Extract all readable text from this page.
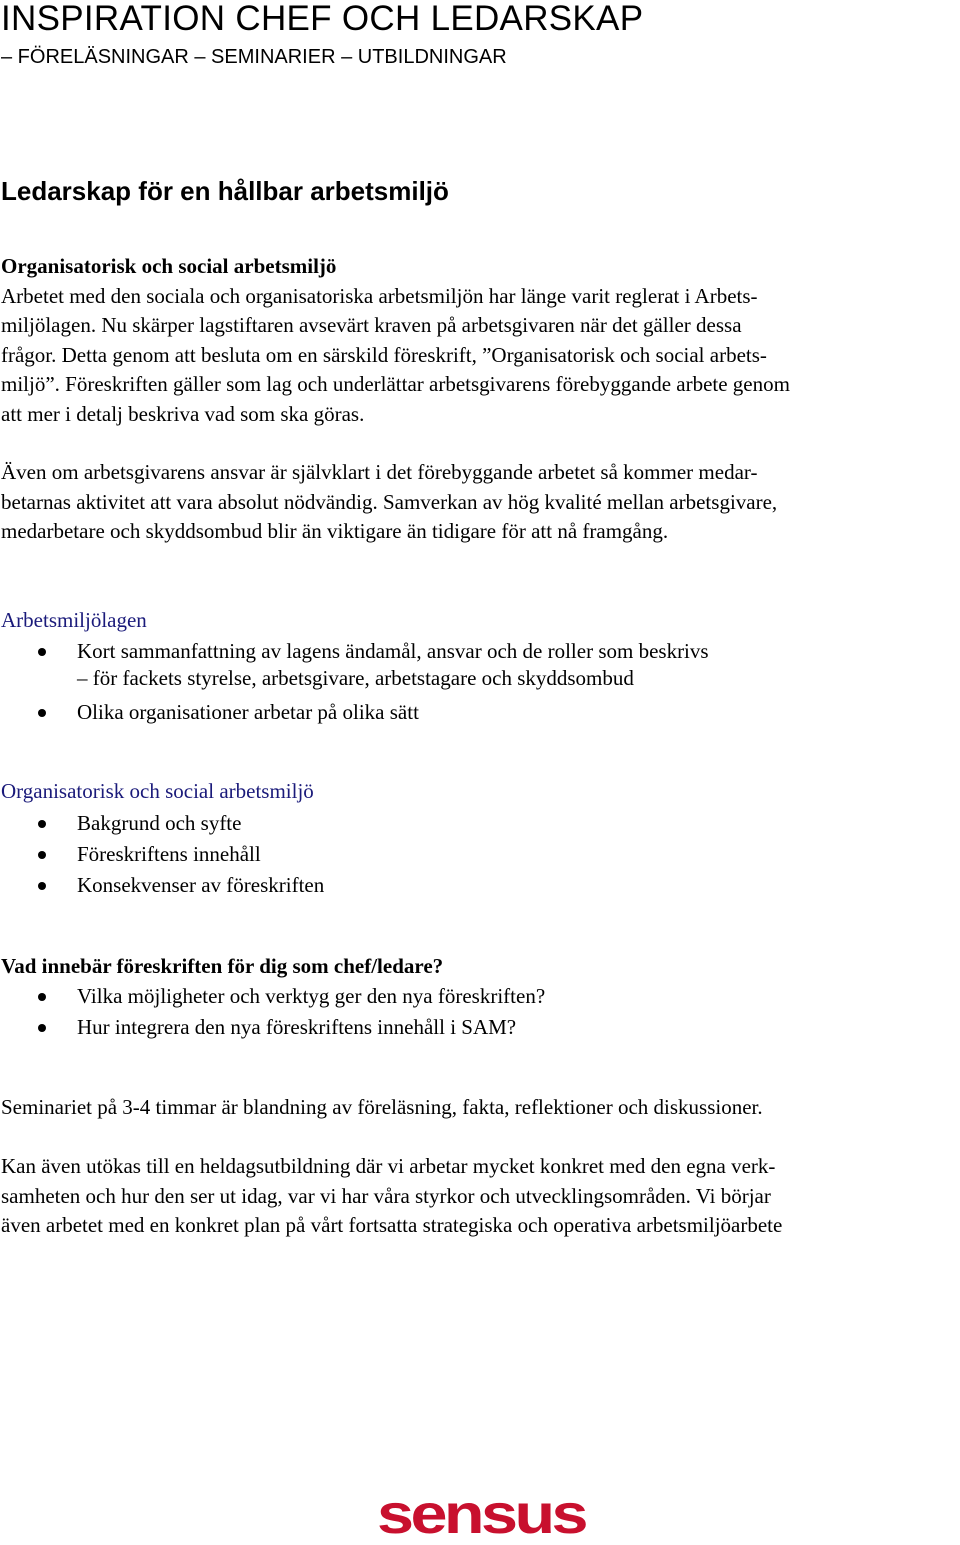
INSPIRATION CHEF OCH LEDARSKAP
– FÖRELÄSNINGAR – SEMINARIER – UTBILDNINGAR
Ledarskap för en hållbar arbetsmiljö
Organisatorisk och social arbetsmiljö
Arbetet med den sociala och organisatoriska arbetsmiljön har länge varit reglerat i Arbets-
miljölagen. Nu skärper lagstiftaren avsevärt kraven på arbetsgivaren när det gäller dessa
frågor. Detta genom att besluta om en särskild föreskrift, ”Organisatorisk och social arbets-
miljö”. Föreskriften gäller som lag och underlättar arbetsgivarens förebyggande arbete genom
att mer i detalj beskriva vad som ska göras.
Även om arbetsgivarens ansvar är självklart i det förebyggande arbetet så kommer medar-
betarnas aktivitet att vara absolut nödvändig. Samverkan av hög kvalité mellan arbetsgivare,
medarbetare och skyddsombud blir än viktigare än tidigare för att nå framgång.
Arbetsmiljölagen
Kort sammanfattning av lagens ändamål, ansvar och de roller som beskrivs
– för fackets styrelse, arbetsgivare, arbetstagare och skyddsombud
Olika organisationer arbetar på olika sätt
Organisatorisk och social arbetsmiljö
Bakgrund och syfte
Föreskriftens innehåll
Konsekvenser av föreskriften
Vad innebär föreskriften för dig som chef/ledare?
Vilka möjligheter och verktyg ger den nya föreskriften?
Hur integrera den nya föreskriftens innehåll i SAM?
Seminariet på 3-4 timmar är blandning av föreläsning, fakta, reflektioner och diskussioner.
Kan även utökas till en heldagsutbildning där vi arbetar mycket konkret med den egna verk-
samheten och hur den ser ut idag, var vi har våra styrkor och utvecklingsområden. Vi börjar
även arbetet med en konkret plan på vårt fortsatta strategiska och operativa arbetsmiljöarbete
sensus
